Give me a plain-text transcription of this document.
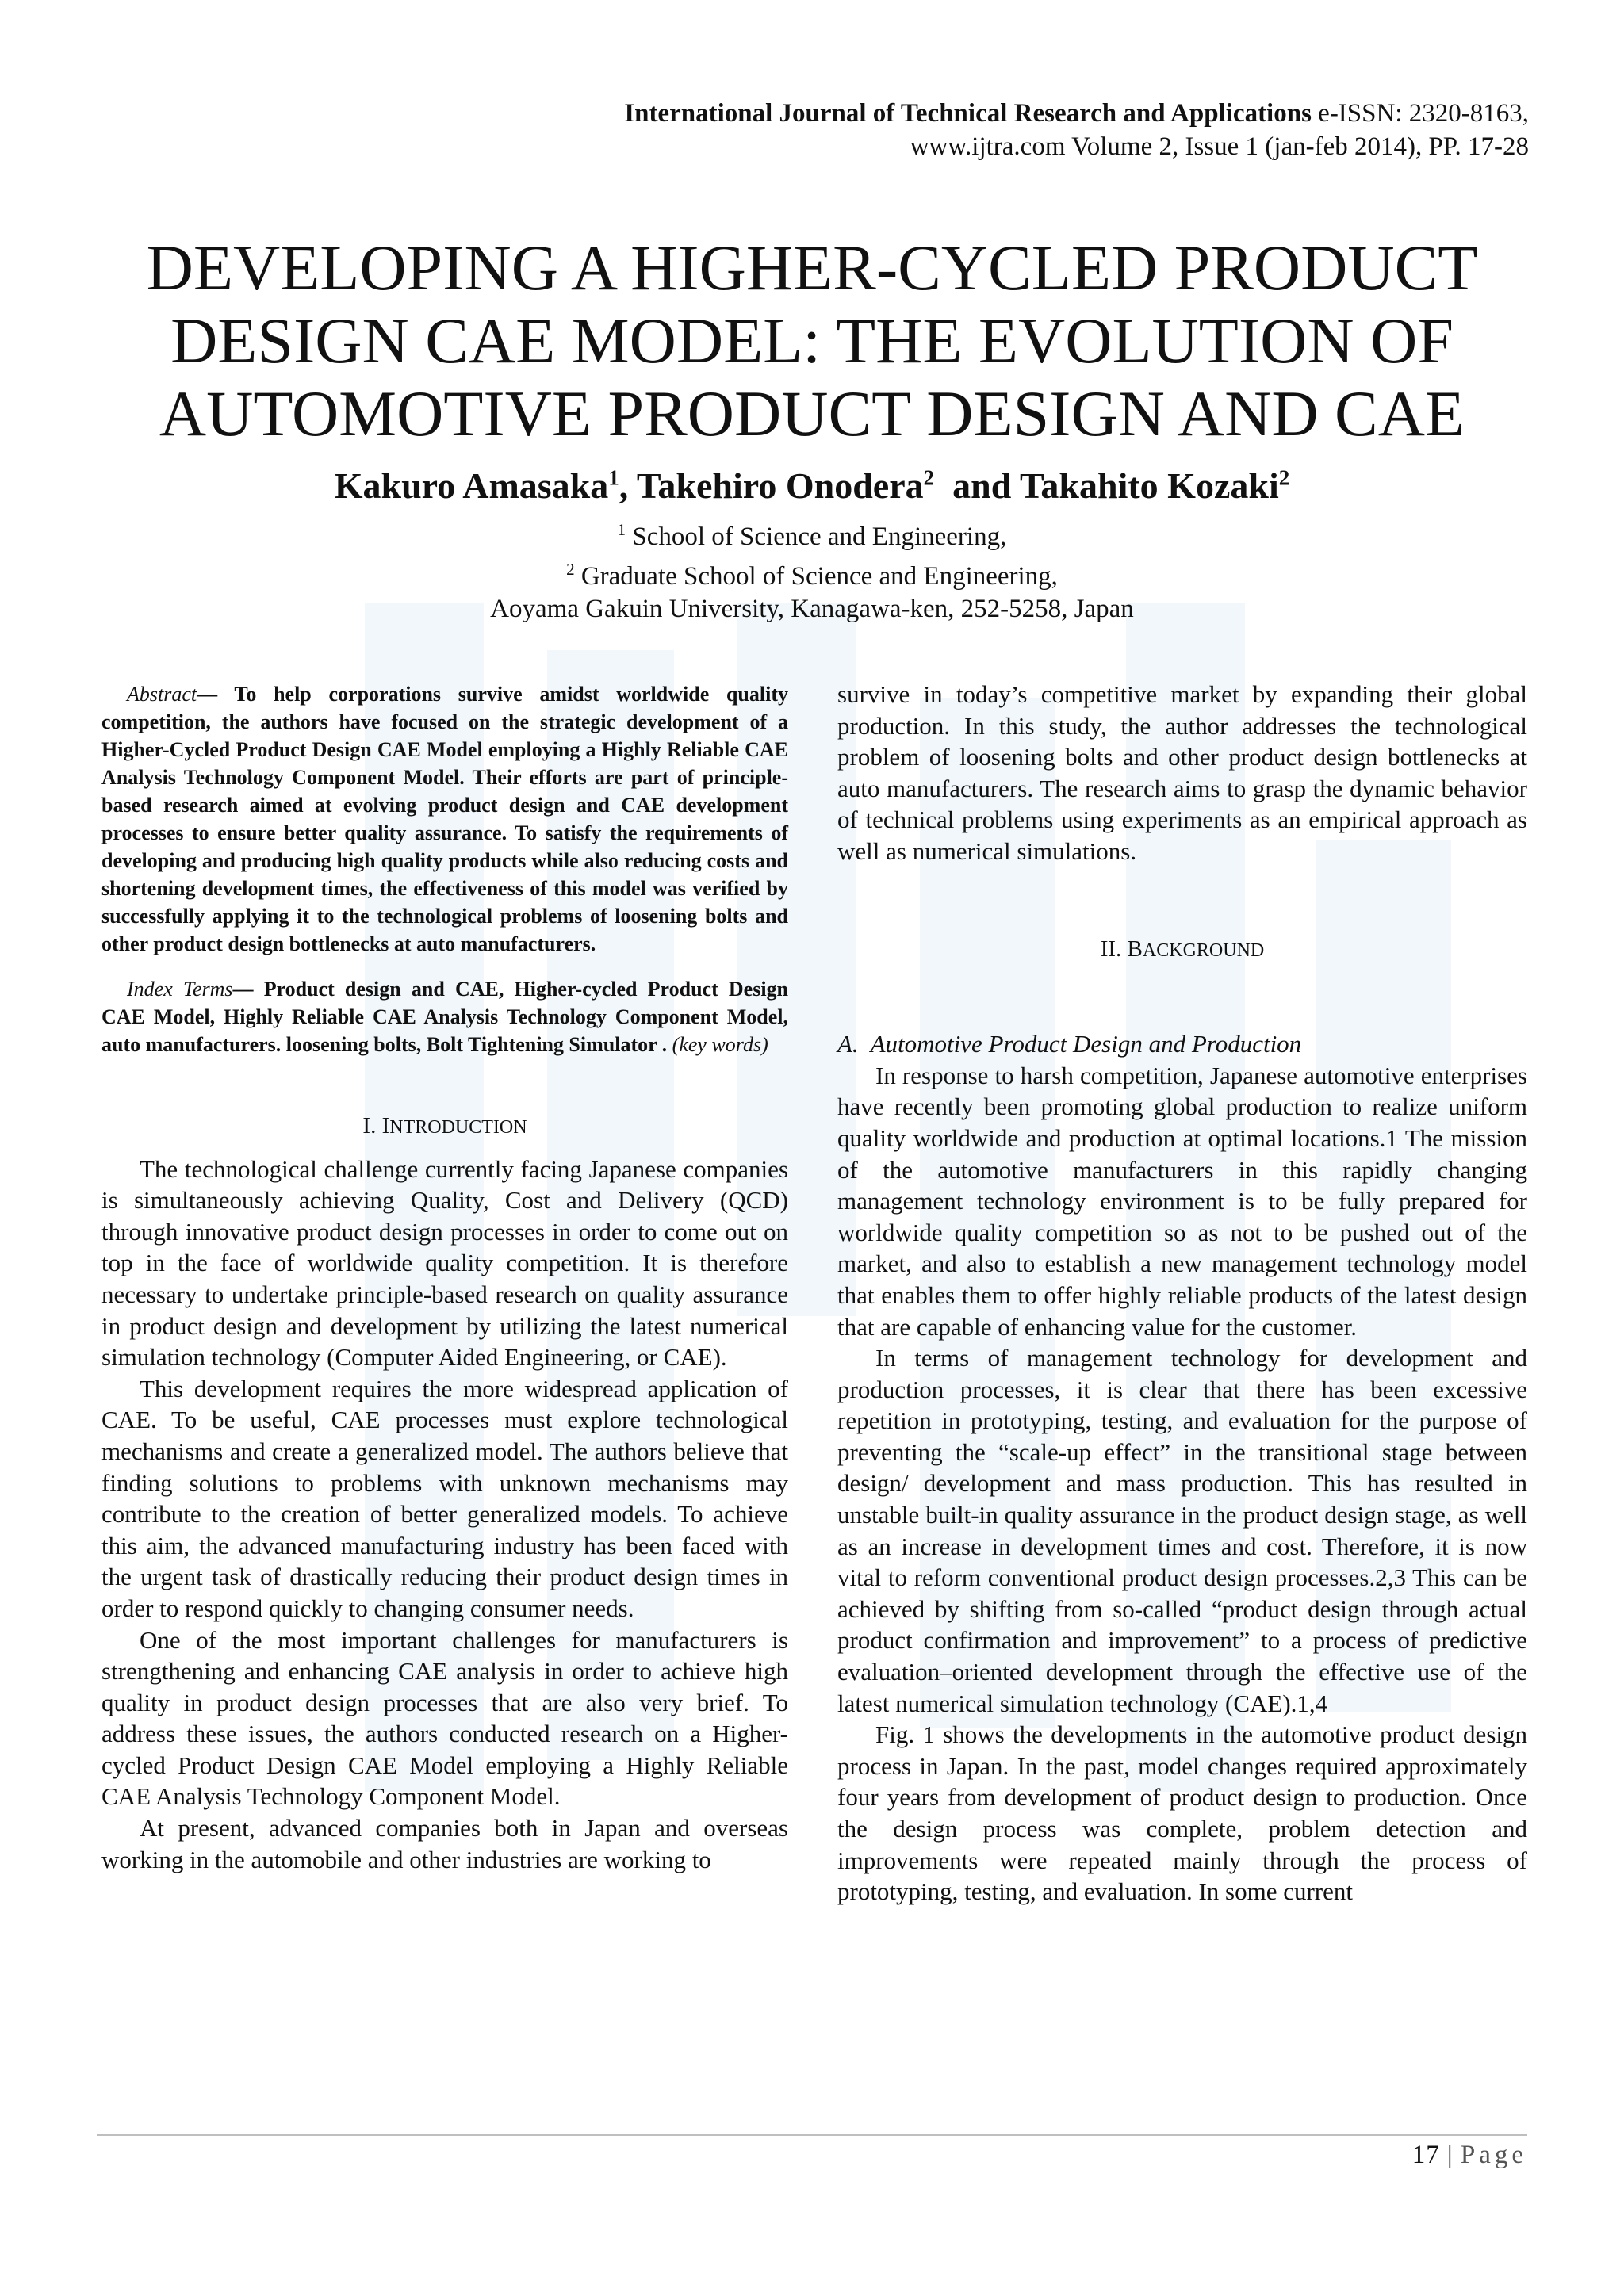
International Journal of Technical Research and Applications e-ISSN: 2320-8163,
www.ijtra.com Volume 2, Issue 1 (jan-feb 2014), PP. 17-28
DEVELOPING A HIGHER-CYCLED PRODUCT
DESIGN CAE MODEL: THE EVOLUTION OF
AUTOMOTIVE PRODUCT DESIGN AND CAE
Kakuro Amasaka$^1$, Takehiro Onodera$^2$  and Takahito Kozaki$^2$
$^1$ School of Science and Engineering,
$^2$ Graduate School of Science and Engineering,
Aoyama Gakuin University, Kanagawa-ken, 252-5258, Japan

Abstract— To help corporations survive amidst worldwide quality competition, the authors have focused on the strategic development of a Higher-Cycled Product Design CAE Model employing a Highly Reliable CAE Analysis Technology Component Model. Their efforts are part of principle-based research aimed at evolving product design and CAE development processes to ensure better quality assurance. To satisfy the requirements of developing and producing high quality products while also reducing costs and shortening development times, the effectiveness of this model was verified by successfully applying it to the technological problems of loosening bolts and other product design bottlenecks at auto manufacturers.

Index Terms— Product design and CAE, Higher-cycled Product Design CAE Model, Highly Reliable CAE Analysis Technology Component Model, auto manufacturers. loosening bolts, Bolt Tightening Simulator . (key words)

I. INTRODUCTION

The technological challenge currently facing Japanese companies is simultaneously achieving Quality, Cost and Delivery (QCD) through innovative product design processes in order to come out on top in the face of worldwide quality competition. It is therefore necessary to undertake principle-based research on quality assurance in product design and development by utilizing the latest numerical simulation technology (Computer Aided Engineering, or CAE).

This development requires the more widespread application of CAE. To be useful, CAE processes must explore technological mechanisms and create a generalized model. The authors believe that finding solutions to problems with unknown mechanisms may contribute to the creation of better generalized models. To achieve this aim, the advanced manufacturing industry has been faced with the urgent task of drastically reducing their product design times in order to respond quickly to changing consumer needs.

One of the most important challenges for manufacturers is strengthening and enhancing CAE analysis in order to achieve high quality in product design processes that are also very brief. To address these issues, the authors conducted research on a Higher-cycled Product Design CAE Model employing a Highly Reliable CAE Analysis Technology Component Model.

At present, advanced companies both in Japan and overseas working in the automobile and other industries are working to

survive in today’s competitive market by expanding their global production. In this study, the author addresses the technological problem of loosening bolts and other product design bottlenecks at auto manufacturers. The research aims to grasp the dynamic behavior of technical problems using experiments as an empirical approach as well as numerical simulations.

II. BACKGROUND

A.  Automotive Product Design and Production

In response to harsh competition, Japanese automotive enterprises have recently been promoting global production to realize uniform quality worldwide and production at optimal locations.1 The mission of the automotive manufacturers in this rapidly changing management technology environment is to be fully prepared for worldwide quality competition so as not to be pushed out of the market, and also to establish a new management technology model that enables them to offer highly reliable products of the latest design that are capable of enhancing value for the customer.

In terms of management technology for development and production processes, it is clear that there has been excessive repetition in prototyping, testing, and evaluation for the purpose of preventing the “scale-up effect” in the transitional stage between design/ development and mass production. This has resulted in unstable built-in quality assurance in the product design stage, as well as an increase in development times and cost. Therefore, it is now vital to reform conventional product design processes.2,3 This can be achieved by shifting from so-called “product design through actual product confirmation and improvement” to a process of predictive evaluation–oriented development through the effective use of the latest numerical simulation technology (CAE).1,4

Fig. 1 shows the developments in the automotive product design process in Japan. In the past, model changes required approximately four years from development of product design to production. Once the design process was complete, problem detection and improvements were repeated mainly through the process of prototyping, testing, and evaluation. In some current

17 | Page
